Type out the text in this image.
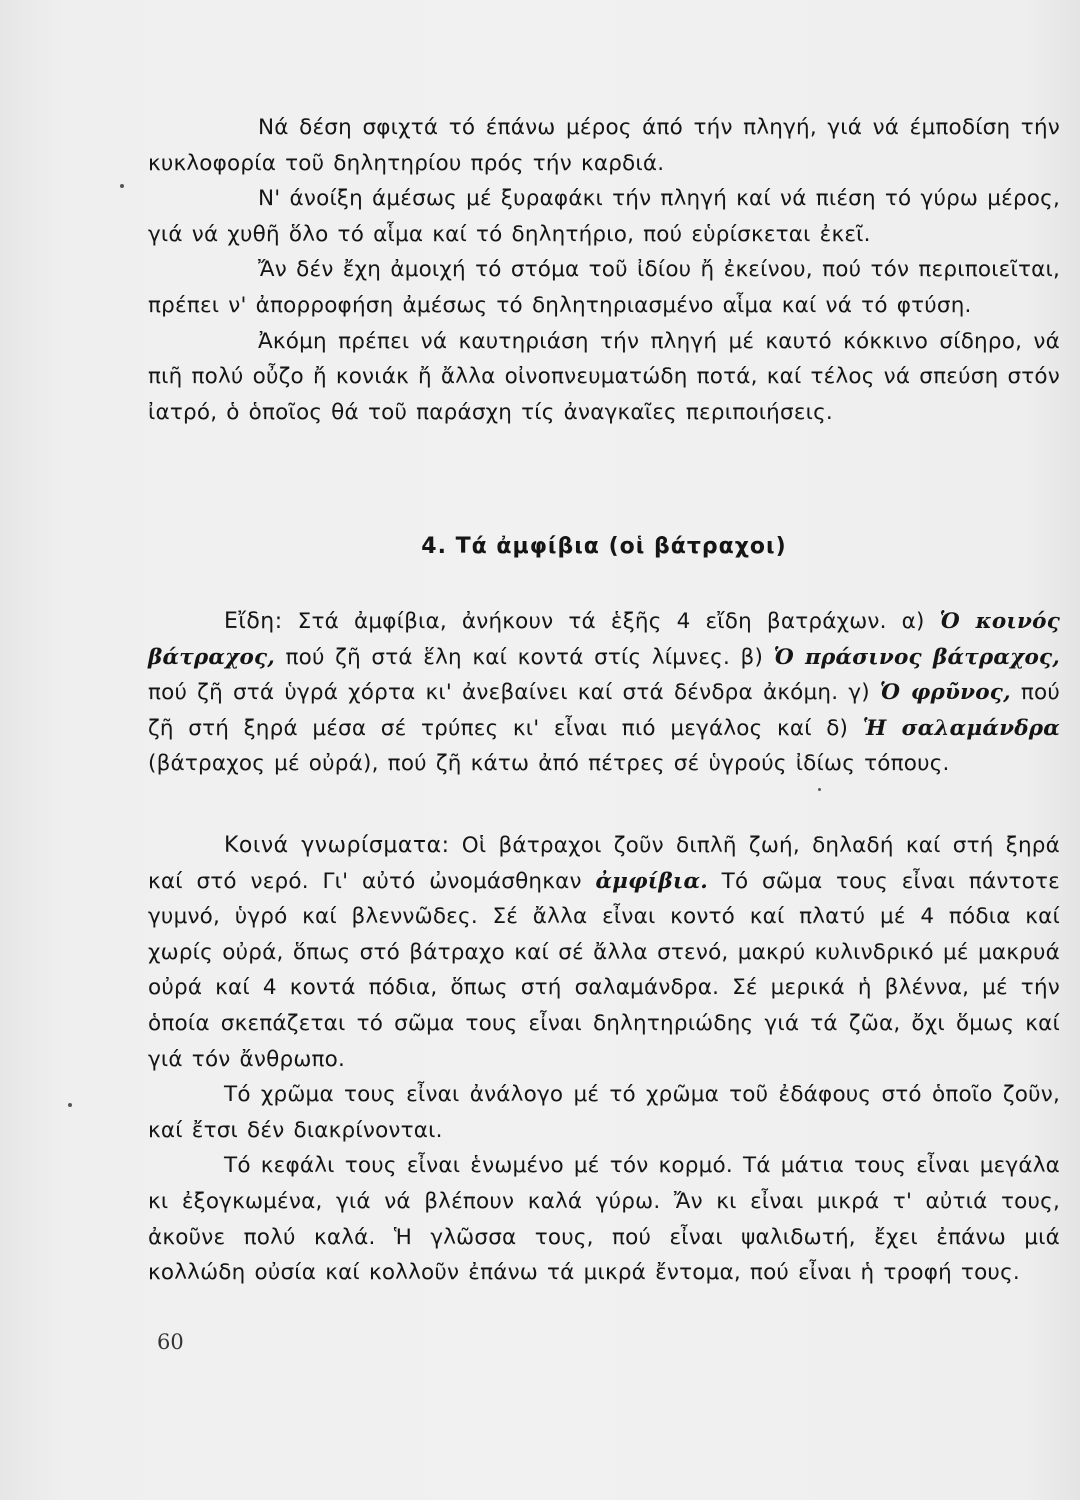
Νά δέση σφιχτά τό έπάνω μέρος άπό τήν πληγή, γιά νά έμποδίση τήν κυκλοφορία τοῦ δηλητηρίου πρός τήν καρδιά.

Ν' άνοίξη άμέσως μέ ξυραφάκι τήν πληγή καί νά πιέση τό γύρω μέρος, γιά νά χυθῆ ὅλο τό αἷμα καί τό δηλητήριο, πού εὑρίσκεται ἐκεῖ.

Ἄν δέν ἔχη ἀμοιχή τό στόμα τοῦ ἰδίου ἤ ἐκείνου, πού τόν περιποιεῖται, πρέπει ν' ἀπορροφήση ἀμέσως τό δηλητηριασμένο αἷμα καί νά τό φτύση.

Ἀκόμη πρέπει νά καυτηριάση τήν πληγή μέ καυτό κόκκινο σίδηρο, νά πιῆ πολύ οὖζο ἤ κονιάκ ἤ ἄλλα οἰνοπνευματώδη ποτά, καί τέλος νά σπεύση στόν ἰατρό, ὁ ὁποῖος θά τοῦ παράσχη τίς ἀναγκαῖες περιποιήσεις.

4. Τά ἀμφίβια (οἱ βάτραχοι)

Εἴδη: Στά ἀμφίβια, ἀνήκουν τά ἑξῆς 4 εἴδη βατράχων. α) Ὁ κοινός βάτραχος, πού ζῆ στά ἕλη καί κοντά στίς λίμνες. β) Ὁ πράσινος βάτραχος, πού ζῆ στά ὑγρά χόρτα κι' ἀνεβαίνει καί στά δένδρα ἀκόμη. γ) Ὁ φρῦνος, πού ζῆ στή ξηρά μέσα σέ τρύπες κι' εἶναι πιό μεγάλος καί δ) Ἡ σαλαμάνδρα (βάτραχος μέ οὐρά), πού ζῆ κάτω ἀπό πέτρες σέ ὑγρούς ἰδίως τόπους.

Κοινά γνωρίσματα: Οἱ βάτραχοι ζοῦν διπλῆ ζωή, δηλαδή καί στή ξηρά καί στό νερό. Γι' αὐτό ὠνομάσθηκαν ἀμφίβια. Τό σῶμα τους εἶναι πάντοτε γυμνό, ὑγρό καί βλεννῶδες. Σέ ἄλλα εἶναι κοντό καί πλατύ μέ 4 πόδια καί χωρίς οὐρά, ὅπως στό βάτραχο καί σέ ἄλλα στενό, μακρύ κυλινδρικό μέ μακρυά οὐρά καί 4 κοντά πόδια, ὅπως στή σαλαμάνδρα. Σέ μερικά ἡ βλέννα, μέ τήν ὁποία σκεπάζεται τό σῶμα τους εἶναι δηλητηριώδης γιά τά ζῶα, ὄχι ὅμως καί γιά τόν ἄνθρωπο.

Τό χρῶμα τους εἶναι ἀνάλογο μέ τό χρῶμα τοῦ ἐδάφους στό ὁποῖο ζοῦν, καί ἔτσι δέν διακρίνονται.

Τό κεφάλι τους εἶναι ἑνωμένο μέ τόν κορμό. Τά μάτια τους εἶναι μεγάλα κι ἐξογκωμένα, γιά νά βλέπουν καλά γύρω. Ἄν κι εἶναι μικρά τ' αὐτιά τους, ἀκοῦνε πολύ καλά. Ἡ γλῶσσα τους, πού εἶναι ψαλιδωτή, ἔχει ἐπάνω μιά κολλώδη οὐσία καί κολλοῦν ἐπάνω τά μικρά ἔντομα, πού εἶναι ἡ τροφή τους.

60
